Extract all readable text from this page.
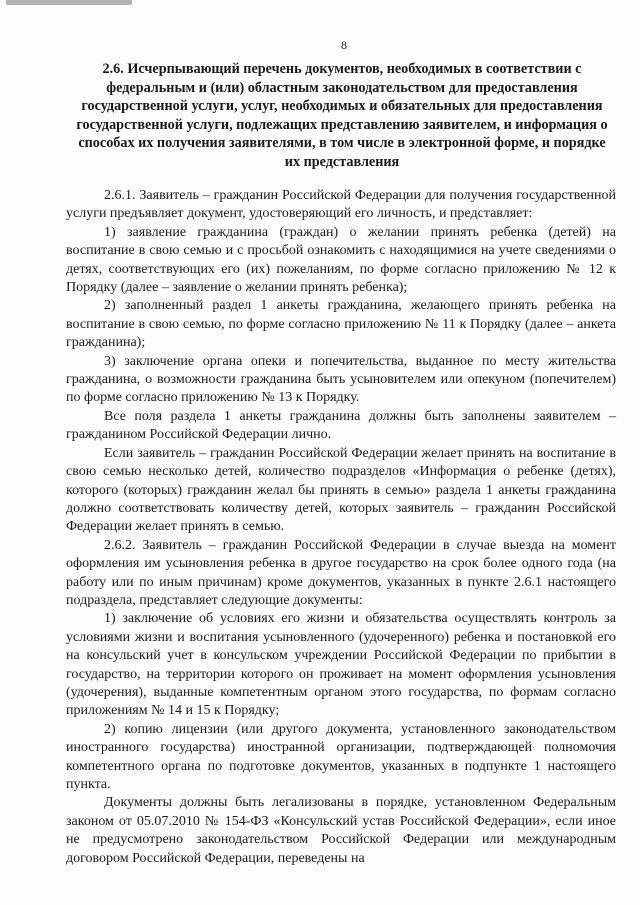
8
2.6. Исчерпывающий перечень документов, необходимых в соответствии с федеральным и (или) областным законодательством для предоставления государственной услуги, услуг, необходимых и обязательных для предоставления государственной услуги, подлежащих представлению заявителем, и информация о способах их получения заявителями, в том числе в электронной форме, и порядке их представления

2.6.1. Заявитель – гражданин Российской Федерации для получения государственной услуги предъявляет документ, удостоверяющий его личность, и представляет:

1) заявление гражданина (граждан) о желании принять ребенка (детей) на воспитание в свою семью и с просьбой ознакомить с находящимися на учете сведениями о детях, соответствующих его (их) пожеланиям, по форме согласно приложению № 12 к Порядку (далее – заявление о желании принять ребенка);

2) заполненный раздел 1 анкеты гражданина, желающего принять ребенка на воспитание в свою семью, по форме согласно приложению № 11 к Порядку (далее – анкета гражданина);

3) заключение органа опеки и попечительства, выданное по месту жительства гражданина, о возможности гражданина быть усыновителем или опекуном (попечителем) по форме согласно приложению № 13 к Порядку.

Все поля раздела 1 анкеты гражданина должны быть заполнены заявителем – гражданином Российской Федерации лично.

Если заявитель – гражданин Российской Федерации желает принять на воспитание в свою семью несколько детей, количество подразделов «Информация о ребенке (детях), которого (которых) гражданин желал бы принять в семью» раздела 1 анкеты гражданина должно соответствовать количеству детей, которых заявитель – гражданин Российской Федерации желает принять в семью.

2.6.2. Заявитель – гражданин Российской Федерации в случае выезда на момент оформления им усыновления ребенка в другое государство на срок более одного года (на работу или по иным причинам) кроме документов, указанных в пункте 2.6.1 настоящего подраздела, представляет следующие документы:

1) заключение об условиях его жизни и обязательства осуществлять контроль за условиями жизни и воспитания усыновленного (удочеренного) ребенка и постановкой его на консульский учет в консульском учреждении Российской Федерации по прибытии в государство, на территории которого он проживает на момент оформления усыновления (удочерения), выданные компетентным органом этого государства, по формам согласно приложениям № 14 и 15 к Порядку;

2) копию лицензии (или другого документа, установленного законодательством иностранного государства) иностранной организации, подтверждающей полномочия компетентного органа по подготовке документов, указанных в подпункте 1 настоящего пункта.

Документы должны быть легализованы в порядке, установленном Федеральным законом от 05.07.2010 № 154-ФЗ «Консульский устав Российской Федерации», если иное не предусмотрено законодательством Российской Федерации или международным договором Российской Федерации, переведены на
